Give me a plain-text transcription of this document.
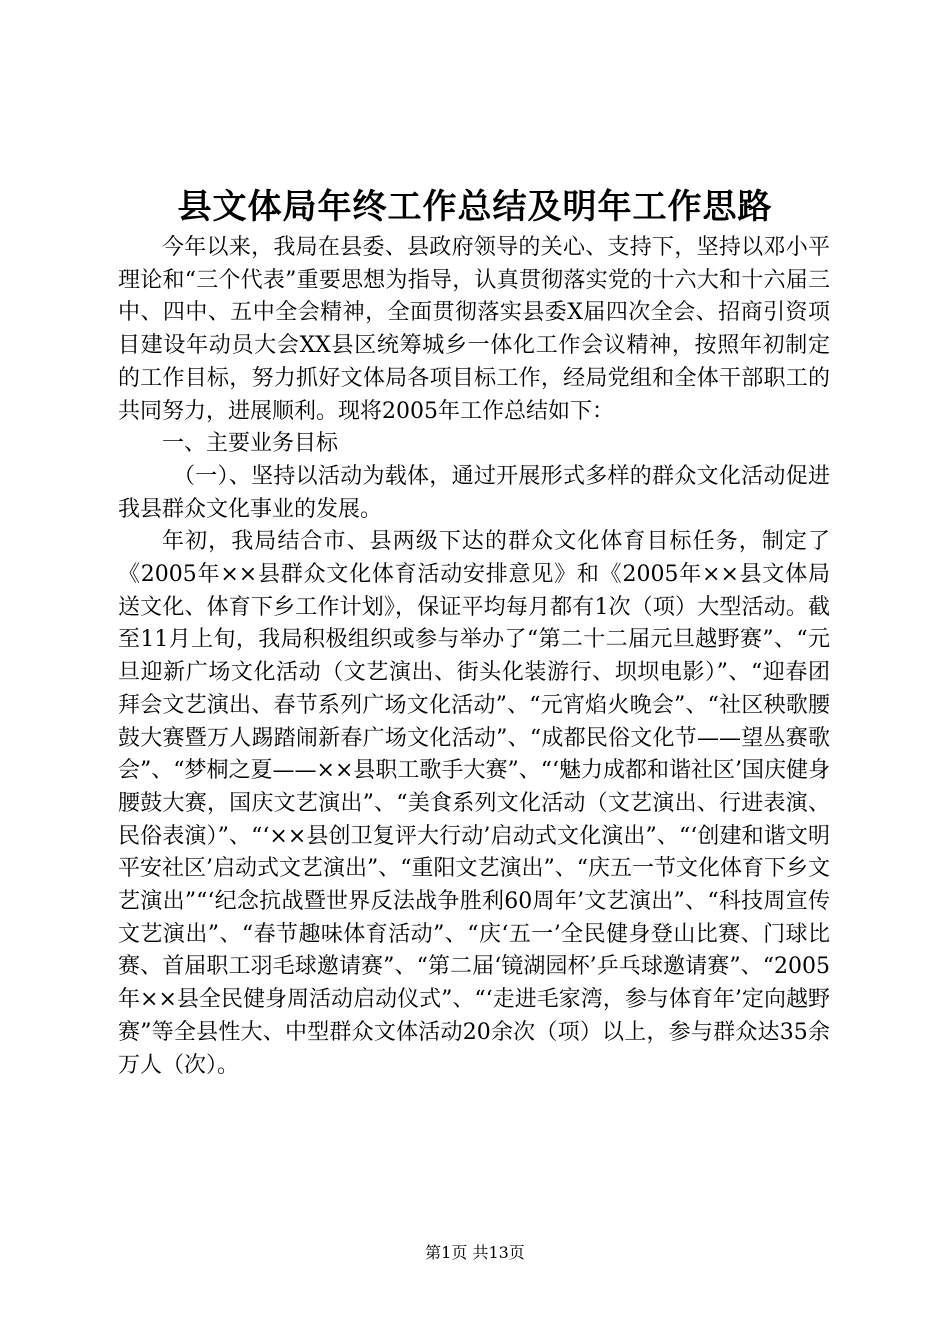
县文体局年终工作总结及明年工作思路

今年以来，我局在县委、县政府领导的关心、支持下，坚持以邓小平理论和“三个代表”重要思想为指导，认真贯彻落实党的十六大和十六届三中、四中、五中全会精神，全面贯彻落实县委X届四次全会、招商引资项目建设年动员大会XX县区统筹城乡一体化工作会议精神，按照年初制定的工作目标，努力抓好文体局各项目标工作，经局党组和全体干部职工的共同努力，进展顺利。现将2005年工作总结如下：

一、主要业务目标

（一）、坚持以活动为载体，通过开展形式多样的群众文化活动促进我县群众文化事业的发展。

年初，我局结合市、县两级下达的群众文化体育目标任务，制定了《2005年××县群众文化体育活动安排意见》和《2005年××县文体局送文化、体育下乡工作计划》，保证平均每月都有1次（项）大型活动。截至11月上旬，我局积极组织或参与举办了“第二十二届元旦越野赛”、“元旦迎新广场文化活动（文艺演出、街头化装游行、坝坝电影）”、“迎春团拜会文艺演出、春节系列广场文化活动”、“元宵焰火晚会”、“社区秧歌腰鼓大赛暨万人踢踏闹新春广场文化活动”、“成都民俗文化节——望丛赛歌会”、“梦桐之夏——××县职工歌手大赛”、“‘魅力成都和谐社区’国庆健身腰鼓大赛，国庆文艺演出”、“美食系列文化活动（文艺演出、行进表演、民俗表演）”、“‘××县创卫复评大行动’启动式文化演出”、“‘创建和谐文明平安社区’启动式文艺演出”、“重阳文艺演出”、“庆五一节文化体育下乡文艺演出”“‘纪念抗战暨世界反法战争胜利60周年’文艺演出”、“科技周宣传文艺演出”、“春节趣味体育活动”、“庆‘五一’全民健身登山比赛、门球比赛、首届职工羽毛球邀请赛”、“第二届‘镜湖园杯’乒乓球邀请赛”、“2005年××县全民健身周活动启动仪式”、“‘走进毛家湾，参与体育年’定向越野赛”等全县性大、中型群众文体活动20余次（项）以上，参与群众达35余万人（次）。

第1页 共13页
